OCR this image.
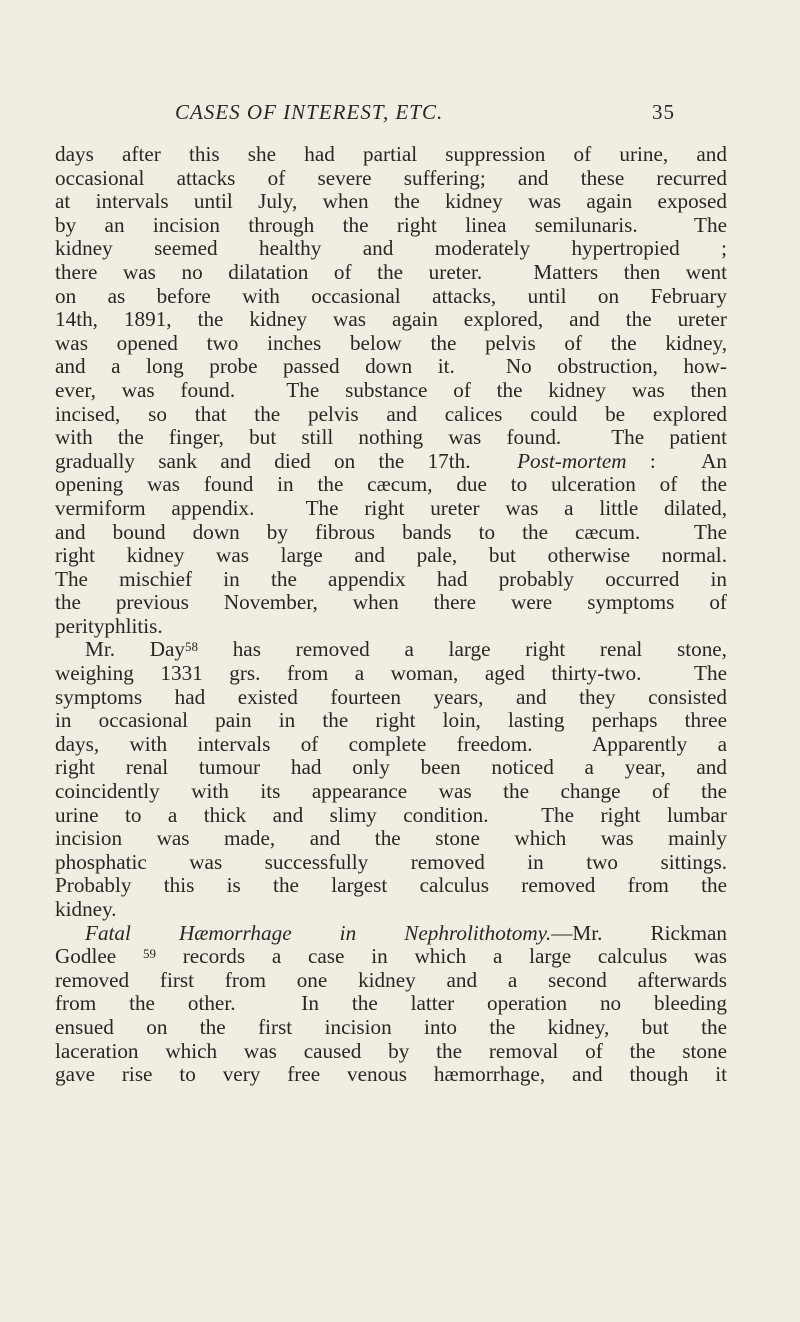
CASES OF INTEREST, ETC.	35
days after this she had partial suppression of urine, and
occasional attacks of severe suffering; and these recurred
at intervals until July, when the kidney was again exposed
by an incision through the right linea semilunaris.  The
kidney seemed healthy and moderately hypertropied ;
there was no dilatation of the ureter.  Matters then went
on as before with occasional attacks, until on February
14th, 1891, the kidney was again explored, and the ureter
was opened two inches below the pelvis of the kidney,
and a long probe passed down it.  No obstruction, how-
ever, was found.  The substance of the kidney was then
incised, so that the pelvis and calices could be explored
with the finger, but still nothing was found.  The patient
gradually sank and died on the 17th.  Post-mortem :  An
opening was found in the cæcum, due to ulceration of the
vermiform appendix.  The right ureter was a little dilated,
and bound down by fibrous bands to the cæcum.  The
right kidney was large and pale, but otherwise normal.
The mischief in the appendix had probably occurred in
the previous November, when there were symptoms of
perityphlitis.
Mr. Day$^{58}$ has removed a large right renal stone,
weighing 1331 grs. from a woman, aged thirty-two.  The
symptoms had existed fourteen years, and they consisted
in occasional pain in the right loin, lasting perhaps three
days, with intervals of complete freedom.  Apparently a
right renal tumour had only been noticed a year, and
coincidently with its appearance was the change of the
urine to a thick and slimy condition.  The right lumbar
incision was made, and the stone which was mainly
phosphatic was successfully removed in two sittings.
Probably this is the largest calculus removed from the
kidney.
Fatal Hæmorrhage in Nephrolithotomy.—Mr. Rickman
Godlee $^{59}$ records a case in which a large calculus was
removed first from one kidney and a second afterwards
from the other.  In the latter operation no bleeding
ensued on the first incision into the kidney, but the
laceration which was caused by the removal of the stone
gave rise to very free venous hæmorrhage, and though it
